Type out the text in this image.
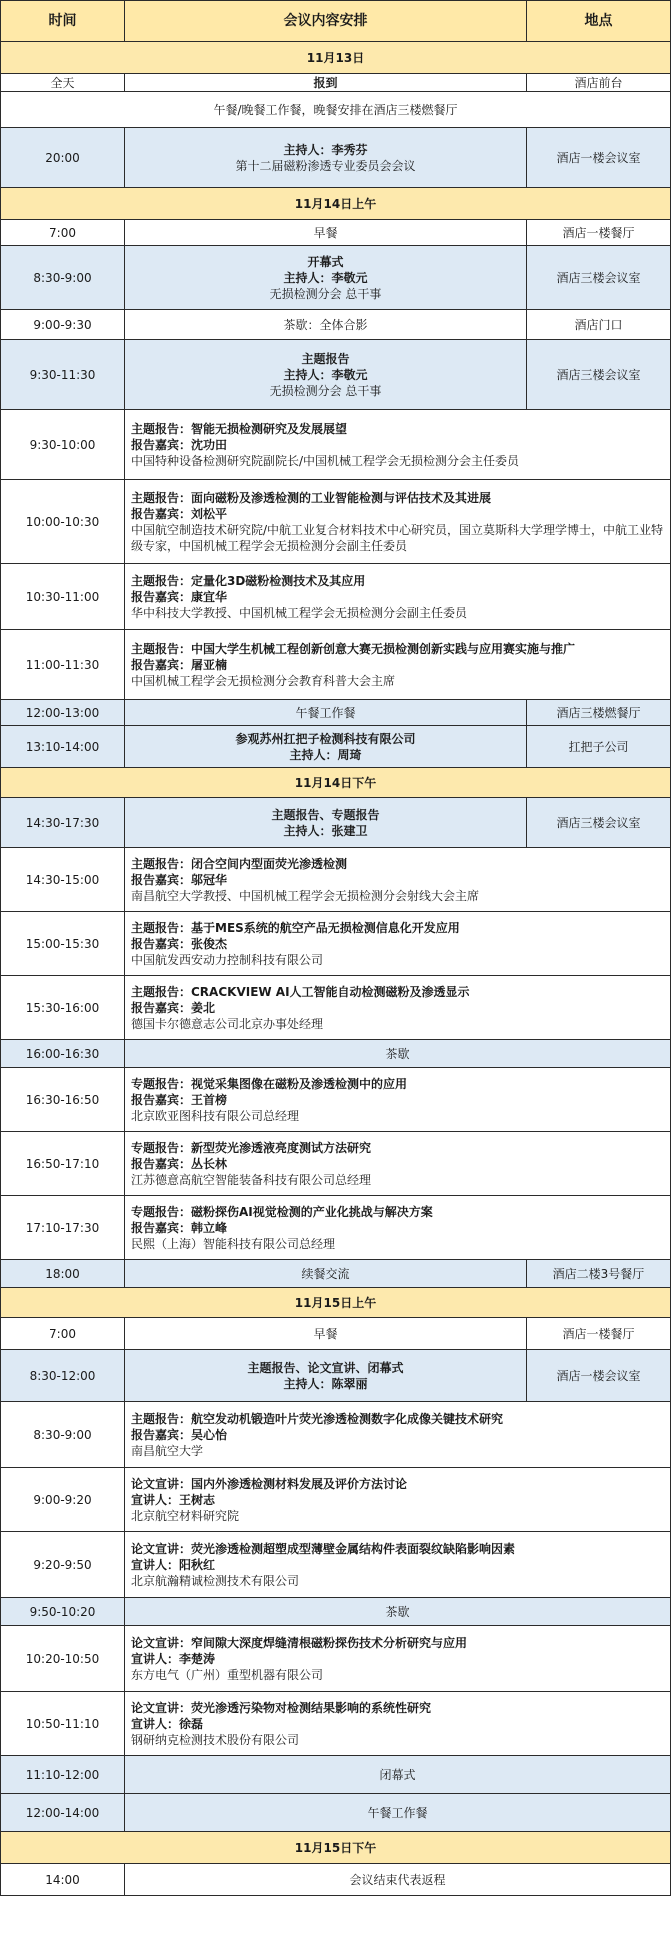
时间	会议内容安排	地点
11月13日		
全天	报到	酒店前台
午餐/晚餐工作餐，晚餐安排在酒店三楼燃餐厅		
20:00	主持人：李秀芬
第十二届磁粉渗透专业委员会会议	酒店一楼会议室
11月14日上午		
7:00	早餐	酒店一楼餐厅
8:30-9:00	开幕式
主持人：李敬元
无损检测分会 总干事	酒店三楼会议室
9:00-9:30	茶歇：全体合影	酒店门口
9:30-11:30	主题报告
主持人：李敬元
无损检测分会 总干事	酒店三楼会议室
9:30-10:00	主题报告：智能无损检测研究及发展展望
报告嘉宾：沈功田
中国特种设备检测研究院副院长/中国机械工程学会无损检测分会主任委员	

10:00-10:30	主题报告：面向磁粉及渗透检测的工业智能检测与评估技术及其进展
报告嘉宾：刘松平
中国航空制造技术研究院/中航工业复合材料技术中心研究员，国立莫斯科大学理学博士，中航工业特级专家，中国机械工程学会无损检测分会副主任委员	

10:30-11:00	主题报告：定量化3D磁粉检测技术及其应用
报告嘉宾：康宜华
华中科技大学教授、中国机械工程学会无损检测分会副主任委员	

11:00-11:30	主题报告：中国大学生机械工程创新创意大赛无损检测创新实践与应用赛实施与推广
报告嘉宾：屠亚楠
中国机械工程学会无损检测分会教育科普大会主席	

12:00-13:00	午餐工作餐	酒店三楼燃餐厅
13:10-14:00	参观苏州扛把子检测科技有限公司
主持人：周琦	扛把子公司
11月14日下午		
14:30-17:30	主题报告、专题报告
主持人：张建卫	酒店三楼会议室
14:30-15:00	主题报告：闭合空间内型面荧光渗透检测
报告嘉宾：邬冠华
南昌航空大学教授、中国机械工程学会无损检测分会射线大会主席	

15:00-15:30	主题报告：基于MES系统的航空产品无损检测信息化开发应用
报告嘉宾：张俊杰
中国航发西安动力控制科技有限公司	

15:30-16:00	主题报告：CRACKVIEW AI人工智能自动检测磁粉及渗透显示
报告嘉宾：姜北
德国卡尔德意志公司北京办事处经理	

16:00-16:30	茶歇	
16:30-16:50	专题报告：视觉采集图像在磁粉及渗透检测中的应用
报告嘉宾：王首榜
北京欧亚图科技有限公司总经理	

16:50-17:10	专题报告：新型荧光渗透液亮度测试方法研究
报告嘉宾：丛长林
江苏德意高航空智能装备科技有限公司总经理	

17:10-17:30	专题报告：磁粉探伤AI视觉检测的产业化挑战与解决方案
报告嘉宾：韩立峰
民熙（上海）智能科技有限公司总经理	

18:00	续餐交流	酒店二楼3号餐厅
11月15日上午		
7:00	早餐	酒店一楼餐厅
8:30-12:00	主题报告、论文宣讲、闭幕式
主持人：陈翠丽	酒店一楼会议室
8:30-9:00	主题报告：航空发动机锻造叶片荧光渗透检测数字化成像关键技术研究
报告嘉宾：吴心怡
南昌航空大学	

9:00-9:20	论文宣讲：国内外渗透检测材料发展及评价方法讨论
宣讲人：王树志
北京航空材料研究院	

9:20-9:50	论文宣讲：荧光渗透检测超塑成型薄壁金属结构件表面裂纹缺陷影响因素
宣讲人：阳秋红
北京航瀚精诚检测技术有限公司	

9:50-10:20	茶歇	
10:20-10:50	论文宣讲：窄间隙大深度焊缝清根磁粉探伤技术分析研究与应用
宣讲人：李楚涛
东方电气（广州）重型机器有限公司	

10:50-11:10	论文宣讲：荧光渗透污染物对检测结果影响的系统性研究
宣讲人：徐磊
钢研纳克检测技术股份有限公司	

11:10-12:00	闭幕式	
12:00-14:00	午餐工作餐	
11月15日下午		
14:00	会议结束代表返程	
